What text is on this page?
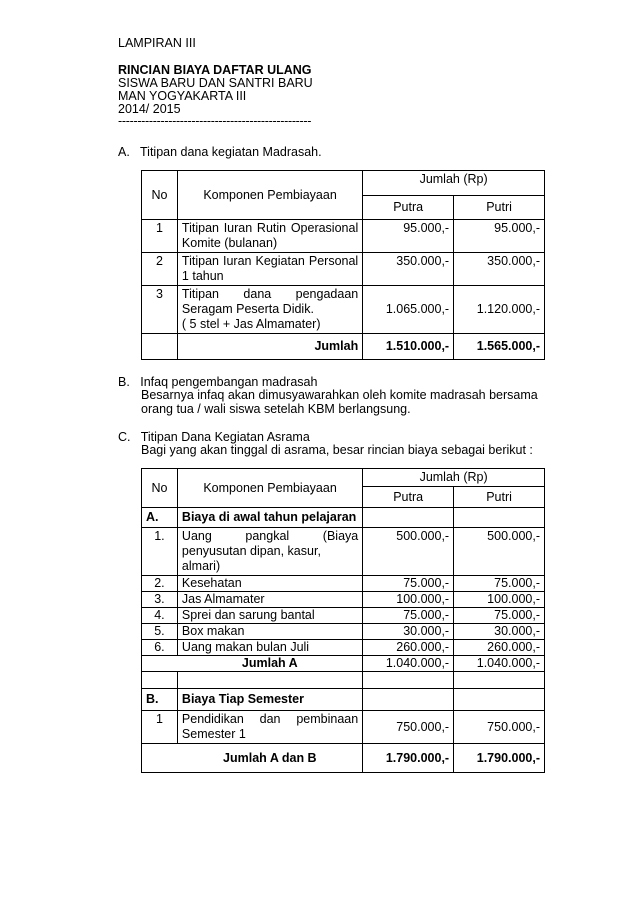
LAMPIRAN III
RINCIAN BIAYA DAFTAR ULANG
SISWA BARU DAN SANTRI BARU
MAN YOGYAKARTA III
2014/ 2015
--------------------------------------------------
A.   Titipan dana kegiatan Madrasah.
No	Komponen Pembiayaan	Jumlah (Rp)	
		Putra	Putri
1	Titipan Iuran Rutin Operasional
Komite (bulanan)	95.000,-	95.000,-
2	Titipan Iuran Kegiatan Personal
1 tahun	350.000,-	350.000,-
3	Titipan dana pengadaan
Seragam Peserta Didik.
( 5 stel + Jas Almamater)	1.065.000,-	1.120.000,-
	Jumlah	1.510.000,-	1.565.000,-
B.   Infaq pengembangan madrasah
Besarnya infaq akan dimusyawarahkan oleh komite madrasah bersama
orang tua / wali siswa setelah KBM berlangsung.
C.   Titipan Dana Kegiatan Asrama
Bagi yang akan tinggal di asrama, besar rincian biaya sebagai berikut :
No	Komponen Pembiayaan	Jumlah (Rp)	
		Putra	Putri
A.	Biaya di awal tahun pelajaran		
1.	Uang pangkal (Biaya
penyusutan dipan, kasur, almari)	500.000,-	500.000,-
2.	Kesehatan	75.000,-	75.000,-
3.	Jas Almamater	100.000,-	100.000,-
4.	Sprei dan sarung bantal	75.000,-	75.000,-
5.	Box makan	30.000,-	30.000,-
6.	Uang makan bulan Juli	260.000,-	260.000,-
	Jumlah A	1.040.000,-	1.040.000,-

B.	Biaya Tiap Semester		
1	Pendidikan dan pembinaan
Semester 1	750.000,-	750.000,-
	Jumlah A dan B	1.790.000,-	1.790.000,-
